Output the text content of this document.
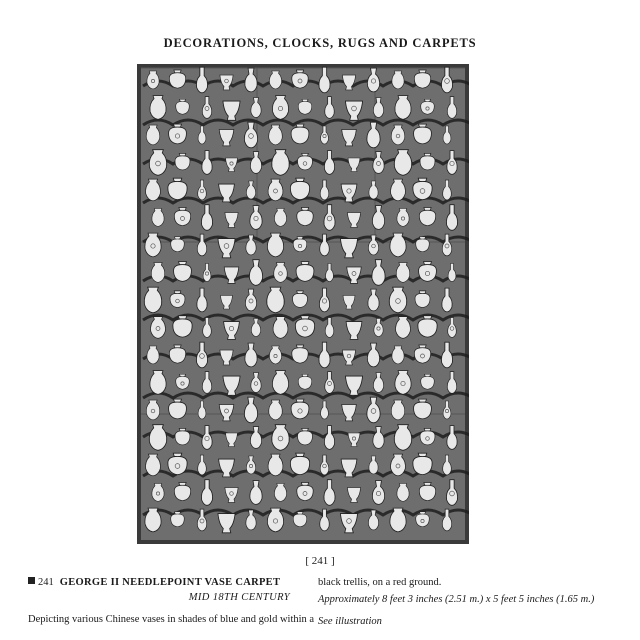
DECORATIONS, CLOCKS, RUGS AND CARPETS
[ 241 ]
241 GEORGE II NEEDLEPOINT VASE CARPET
MID 18TH CENTURY
Depicting various Chinese vases in shades of blue and gold within a
black trellis, on a red ground.
Approximately 8 feet 3 inches (2.51 m.) x 5 feet 5 inches (1.65 m.)
See illustration
